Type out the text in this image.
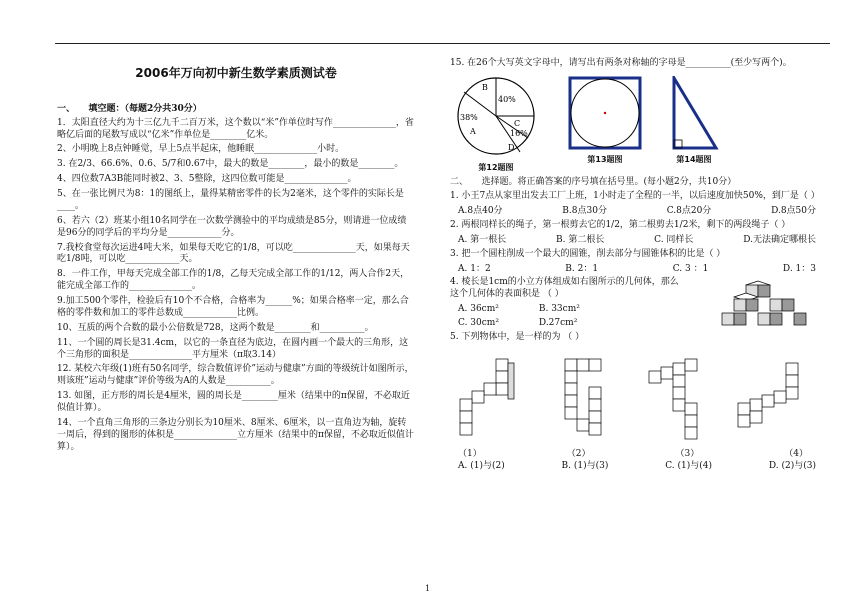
2006年万向初中新生数学素质测试卷
一、　　填空题：（每题2分共30分）
1．太阳直径大约为十三亿九千二百万米，这个数以“米”作单位时写作______________，省略亿后面的尾数写成以“亿米”作单位是________亿米。
2、小明晚上8点钟睡觉，早上5点半起床，他睡眠______________小时。
3. 在2/3、66.6%、0.6、5/7和0.67中，最大的数是________，最小的数是________。
4、四位数7A3B能同时被2、3、5整除，这四位数可能是______________。
5、在一张比例尺为8：1的图纸上，量得某精密零件的长为2毫米，这个零件的实际长是____。
6、若六（2）班某小组10名同学在一次数学测验中的平均成绩是85分，则请进一位成绩是96分的同学后的平均分是____________分。
7.我校食堂每次运进4吨大米，如果每天吃它的1/8，可以吃______________天，如果每天吃1/8吨，可以吃____________天。
8．一件工作，甲每天完成全部工作的1/8，乙每天完成全部工作的1/12，两人合作2天，能完成全部工作的______________。
9.加工500个零件，检验后有10个不合格，合格率为______%；如果合格率一定，那么合格的零件数和加工的零件总数成____________比例。
10、互质的两个合数的最小公倍数是728，这两个数是________和__________。
11、一个圆的周长是31.4cm，以它的一条直径为底边，在圆内画一个最大的三角形，这个三角形的面积是______________平方厘米（π取3.14）
12. 某校六年级(1)班有50名同学，综合数值评价”运动与健康”方面的等级统计如图所示，则该班”运动与健康”评价等级为A的人数是__________。
13. 如图，正方形的周长是4厘米，圆的周长是________厘米（结果中的π保留，不必取近似值计算）。
14、一个直角三角形的三条边分别长为10厘米、8厘米、6厘米，以一直角边为轴，旋转一周后，得到的图形的体积是______________立方厘米（结果中的π保留，不必取近似值计算）。
15. 在26个大写英文字母中，请写出有两条对称轴的字母是__________(至少写两个)。
B
40%
38%
A
C
16%
D
第12题图
第13题图	第14题图
二、　　选择题。将正确答案的序号填在括号里。(每小题2分，共10分）
1. 小王7点从家里出发去工厂上班，1小时走了全程的一半，以后速度加快50%，到厂是（ ）
A.8点40分	B.8点30分	C.8点20分	D.8点50分
2. 两根同样长的绳子，第一根剪去它的1/2，第二根剪去1/2米，剩下的两段绳子（ ）
A. 第一根长	B. 第二根长	C. 同样长	D.无法确定哪根长
3. 把一个圆柱削成一个最大的圆锥，削去部分与圆锥体积的比是（ ）
A. 1：2	B. 2：1	C. 3 ：1	D. 1：3
4. 棱长是1cm的小立方体组成如右图所示的几何体，那么这个几何体的表面积是 （ ）
A. 36cm²	B. 33cm²
C. 30cm²	D.27cm²
5. 下列物体中，是一样的为 （ ）
（1）	（2）	（3）	（4）
A. (1)与(2)	B. (1)与(3)	C. (1)与(4)	D. (2)与(3)
1
